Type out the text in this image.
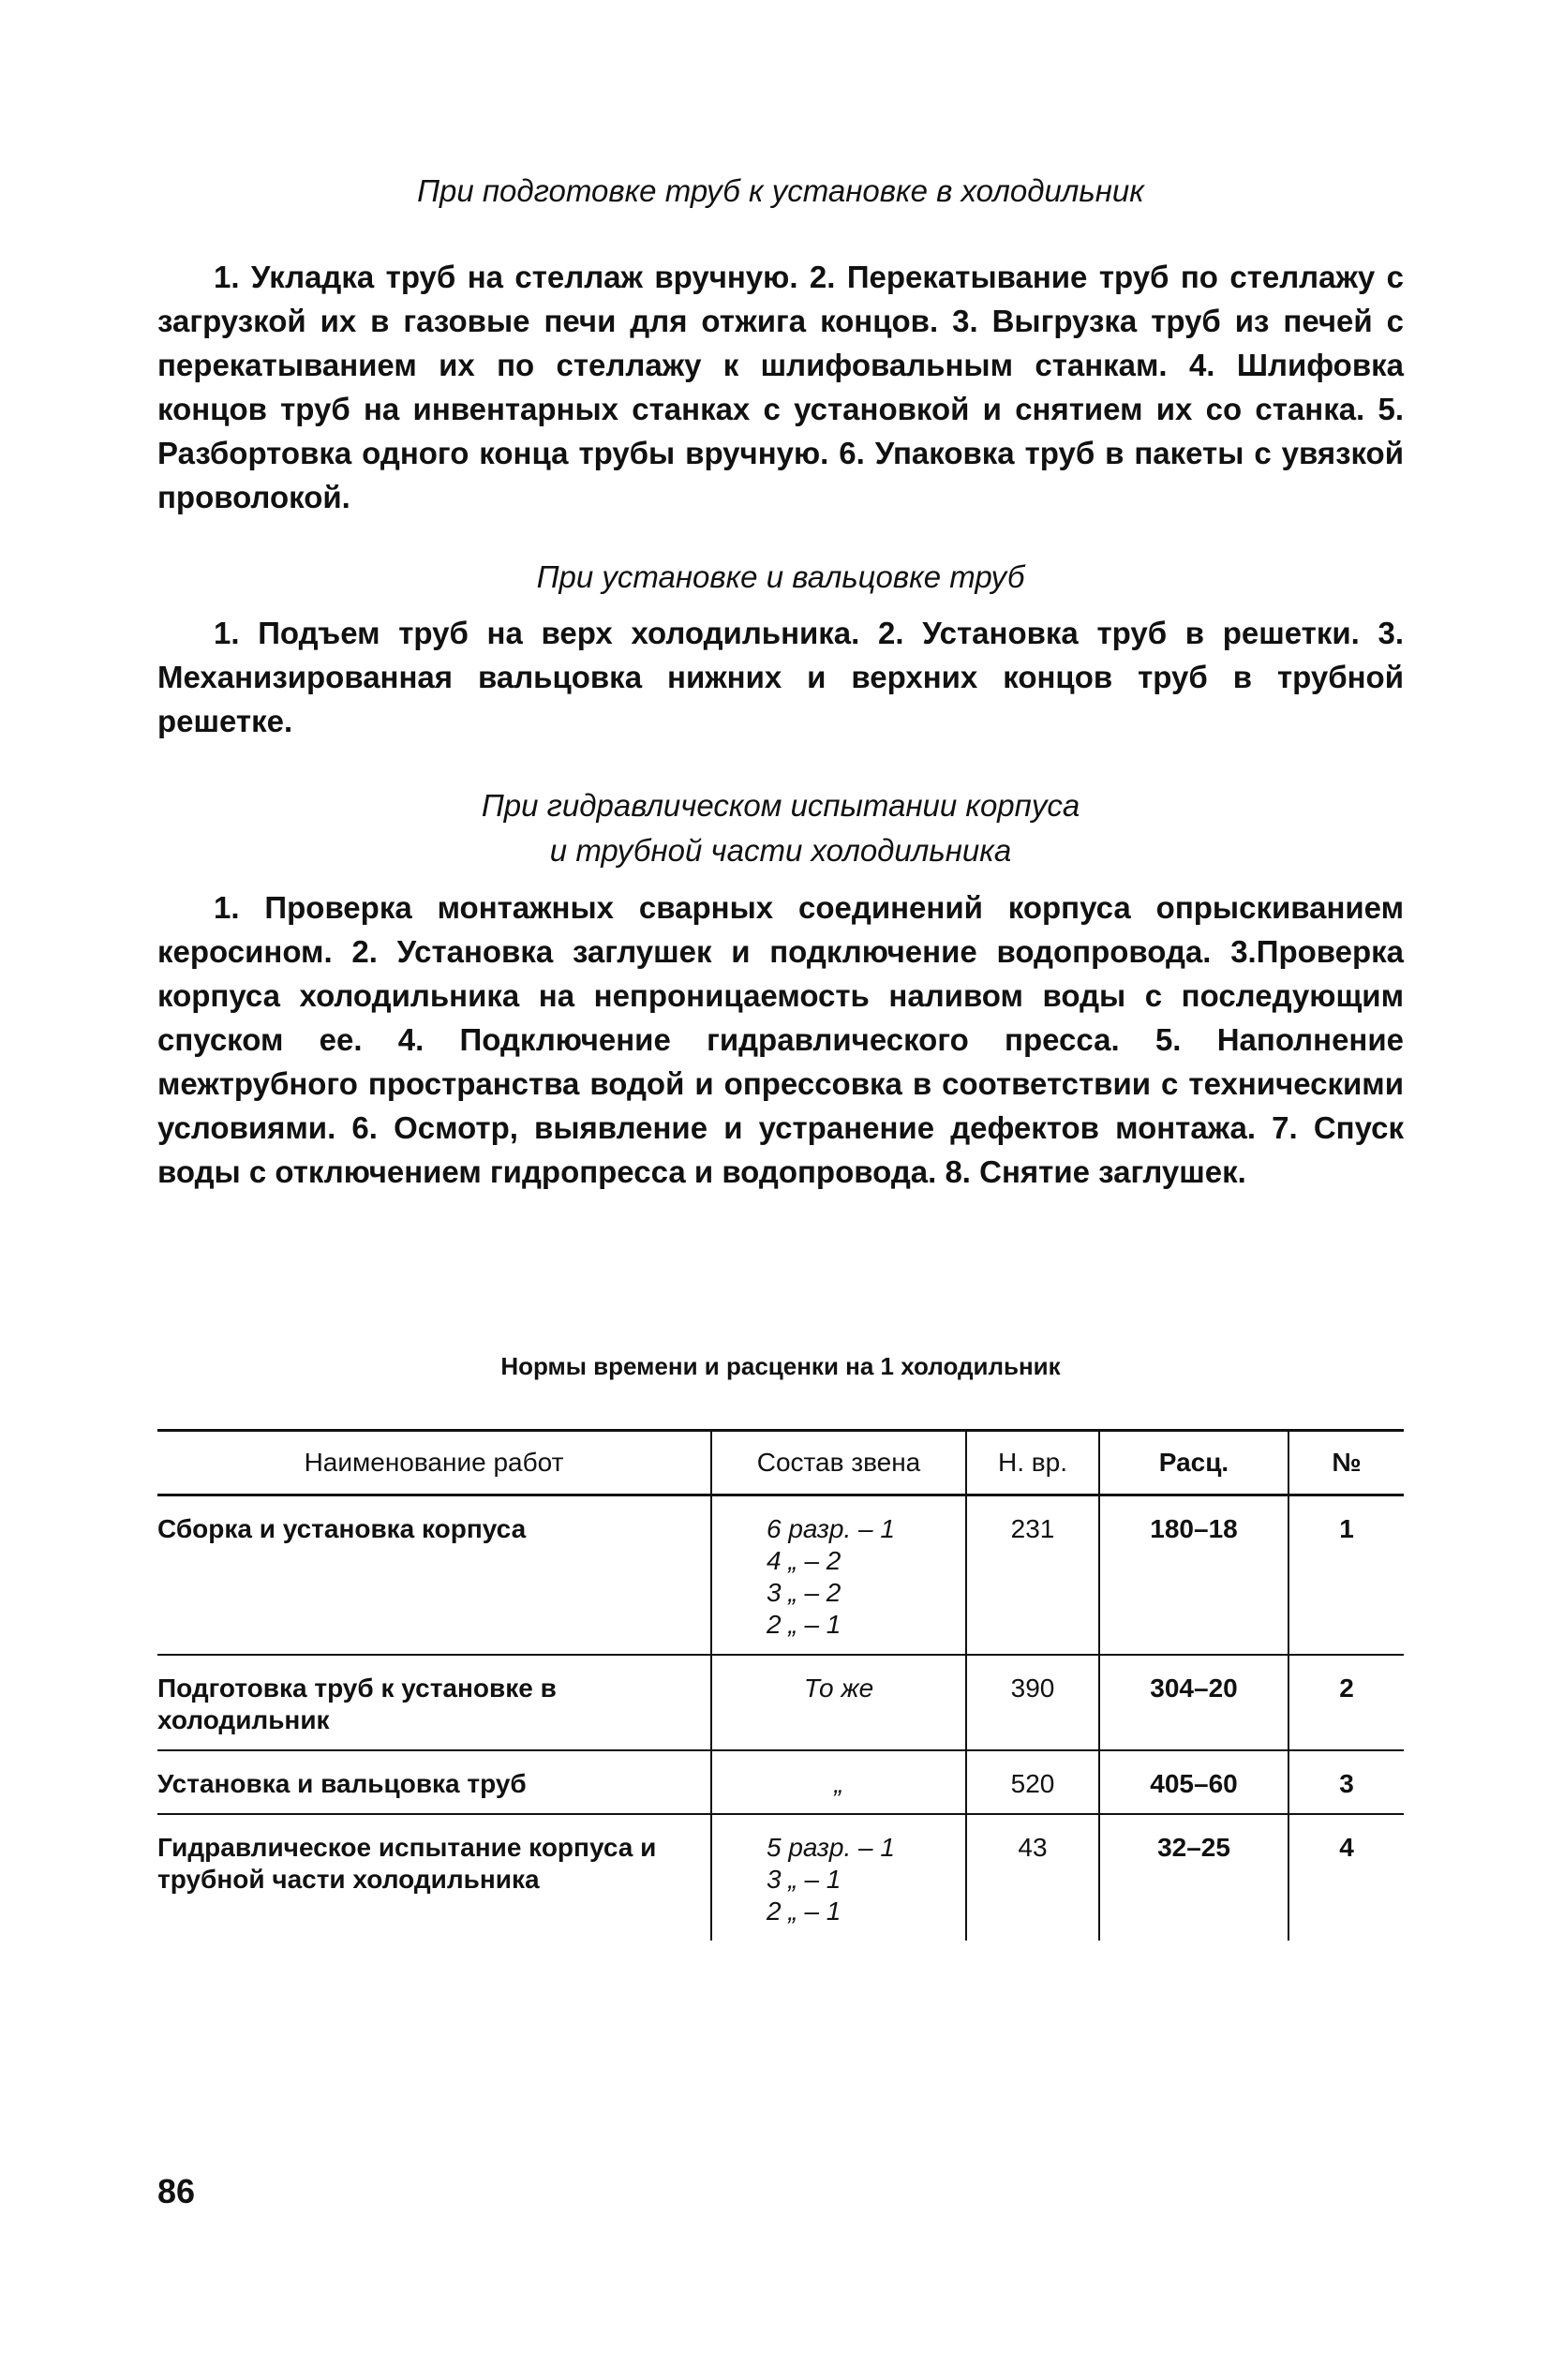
При подготовке труб к установке в холодильник

1. Укладка труб на стеллаж вручную. 2. Перекатывание труб по стеллажу с загрузкой их в газовые печи для отжига концов. 3. Выгрузка труб из печей с перекатыванием их по стеллажу к шлифовальным станкам. 4. Шлифовка концов труб на инвентарных станках с установкой и снятием их со станка. 5. Разбортовка одного конца трубы вручную. 6. Упаковка труб в пакеты с увязкой проволокой.

При установке и вальцовке труб

1. Подъем труб на верх холодильника. 2. Установка труб в решетки. 3. Механизированная вальцовка нижних и верхних концов труб в трубной решетке.

При гидравлическом испытании корпуса
и трубной части холодильника

1. Проверка монтажных сварных соединений корпуса опрыскиванием керосином. 2. Установка заглушек и подключение водопровода. 3.Проверка корпуса холодильника на непроницаемость наливом воды с последующим спуском ее. 4. Подключение гидравлического пресса. 5. Наполнение межтрубного пространства водой и опрессовка в соответствии с техническими условиями. 6. Осмотр, выявление и устранение дефектов монтажа. 7. Спуск воды с отключением гидропресса и водопровода. 8. Снятие заглушек.

Нормы времени и расценки на 1 холодильник

Наименование работ	Состав звена	Н. вр.	Расц.	№
Сборка и установка корпуса	6 разр. – 1
4 „ – 2
3 „ – 2
2 „ – 1	231	180–18	1
Подготовка труб к установке в холодильник	То же	390	304–20	2
Установка и вальцовка труб	„	520	405–60	3
Гидравлическое испытание корпуса и трубной части холодильника	5 разр. – 1
3 „ – 1
2 „ – 1	43	32–25	4

86
